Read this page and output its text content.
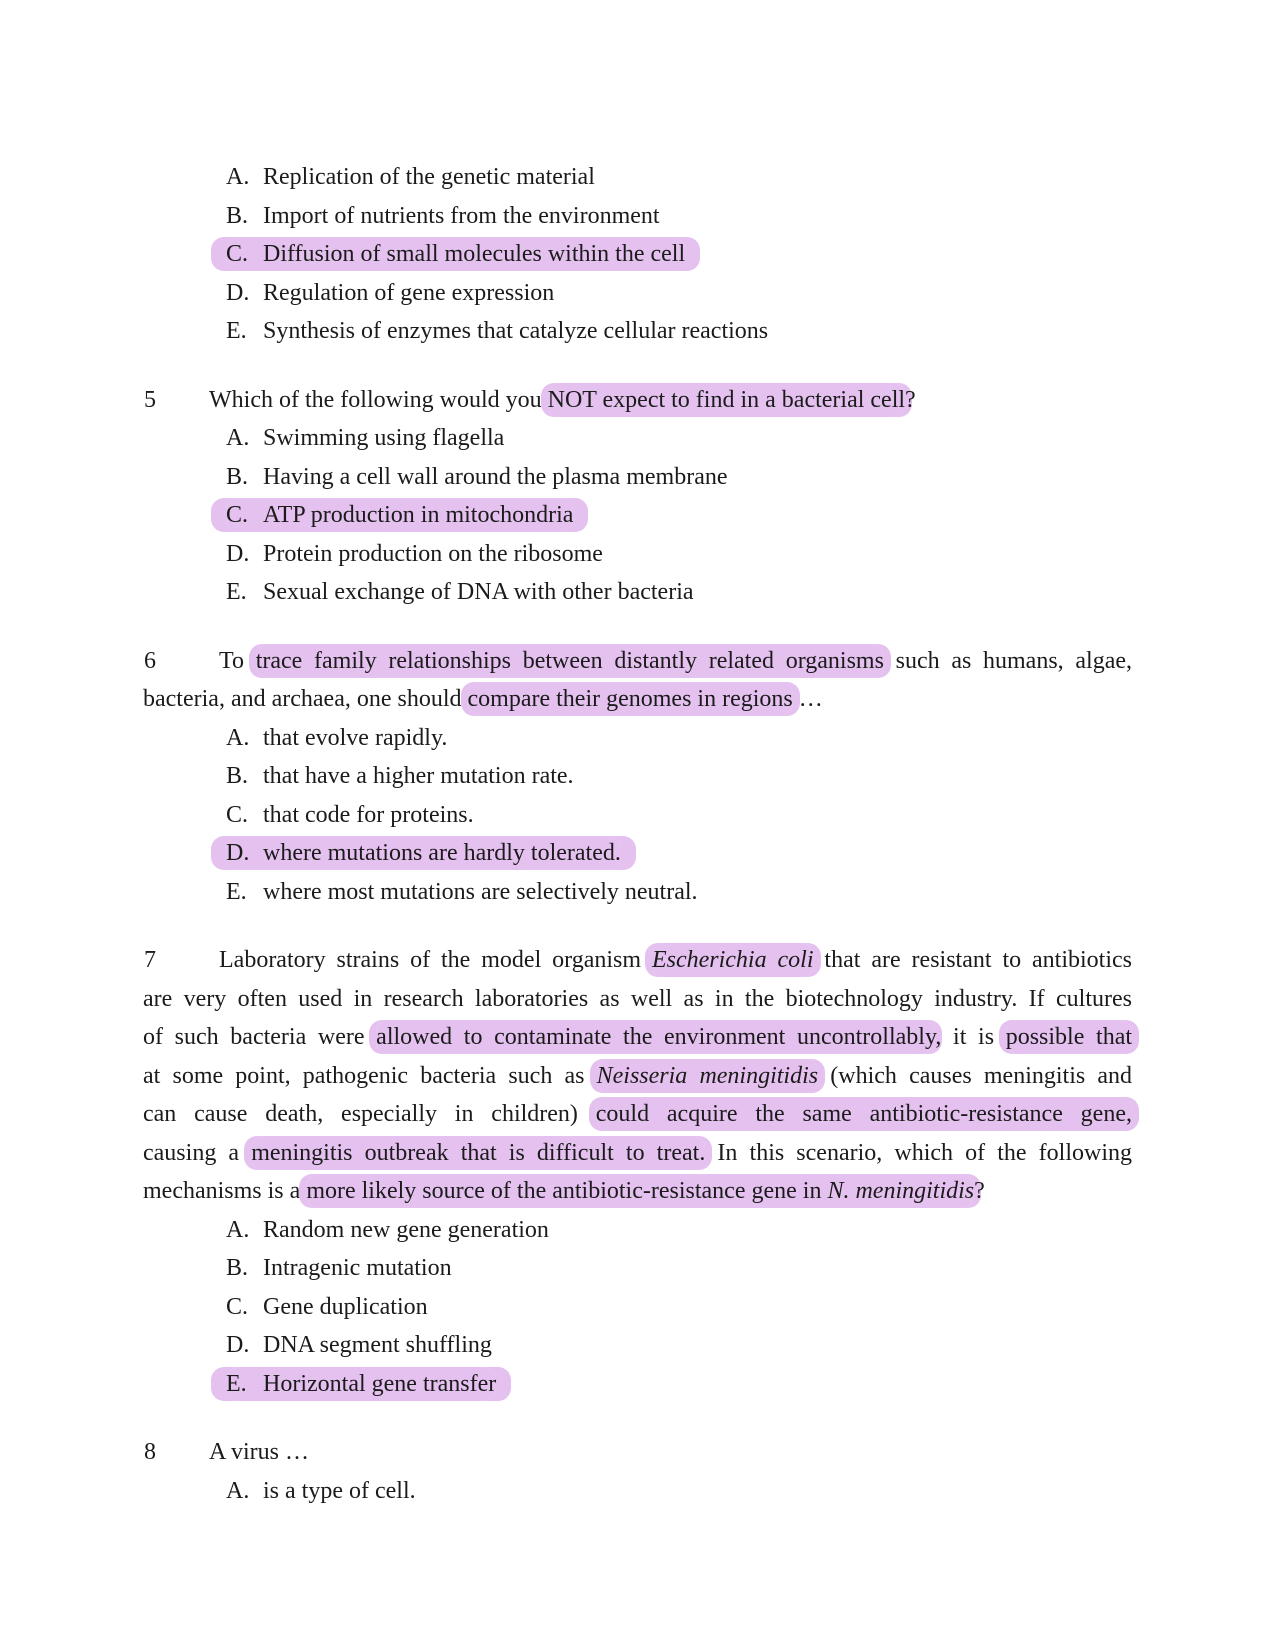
A. Replication of the genetic material
B. Import of nutrients from the environment
C. Diffusion of small molecules within the cell
D. Regulation of gene expression
E. Synthesis of enzymes that catalyze cellular reactions
5 Which of the following would you NOT expect to find in a bacterial cell?
A. Swimming using flagella
B. Having a cell wall around the plasma membrane
C. ATP production in mitochondria
D. Protein production on the ribosome
E. Sexual exchange of DNA with other bacteria
6	To trace family relationships between distantly related organisms such as humans, algae,
bacteria, and archaea, one should compare their genomes in regions …
A. that evolve rapidly.
B. that have a higher mutation rate.
C. that code for proteins.
D. where mutations are hardly tolerated.
E. where most mutations are selectively neutral.
7	Laboratory strains of the model organism Escherichia coli that are resistant to antibiotics
are very often used in research laboratories as well as in the biotechnology industry. If cultures
of such bacteria were allowed to contaminate the environment uncontrollably, it is possible that
at some point, pathogenic bacteria such as Neisseria meningitidis (which causes meningitis and
can cause death, especially in children) could acquire the same antibiotic-resistance gene,
causing a meningitis outbreak that is difficult to treat. In this scenario, which of the following
mechanisms is a more likely source of the antibiotic-resistance gene in N. meningitidis?
A. Random new gene generation
B. Intragenic mutation
C. Gene duplication
D. DNA segment shuffling
E. Horizontal gene transfer
8 A virus …
A. is a type of cell.
